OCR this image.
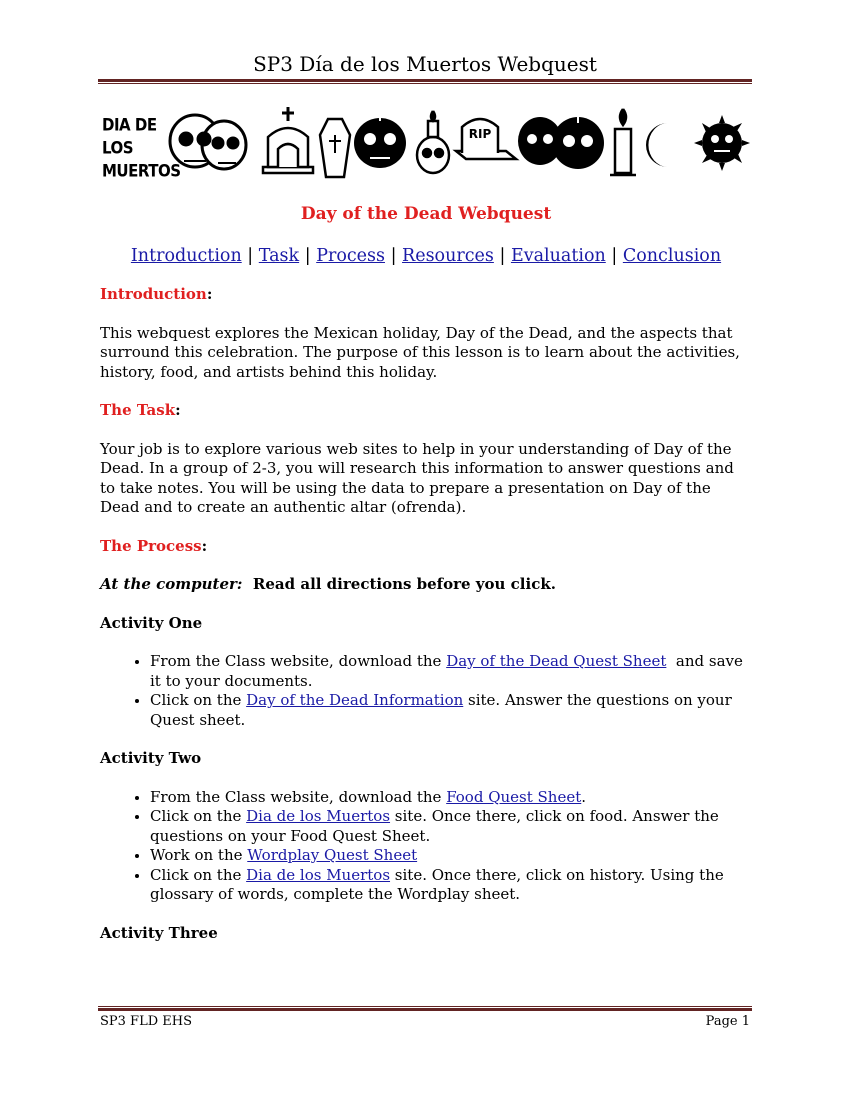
SP3 Día de los Muertos Webquest
DIA DE LOS
MUERTOS
RIP
Day of the Dead Webquest
Introduction | Task | Process | Resources | Evaluation | Conclusion
Introduction:

This webquest explores the Mexican holiday, Day of the Dead, and the aspects that surround this celebration. The purpose of this lesson is to learn about the activities, history, food, and artists behind this holiday.

The Task:

Your job is to explore various web sites to help in your understanding of Day of the Dead. In a group of 2-3, you will research this information to answer questions and to take notes. You will be using the data to prepare a presentation on Day of the Dead and to create an authentic altar (ofrenda).

The Process:
At the computer: Read all directions before you click.
Activity One
• From the Class website, download the Day of the Dead Quest Sheet  and save it to your documents.
• Click on the Day of the Dead Information site. Answer the questions on your Quest sheet.
Activity Two
• From the Class website, download the Food Quest Sheet.
• Click on the Dia de los Muertos site. Once there, click on food. Answer the questions on your Food Quest Sheet.
• Work on the Wordplay Quest Sheet
• Click on the Dia de los Muertos site. Once there, click on history. Using the glossary of words, complete the Wordplay sheet.
Activity Three
SP3 FLD EHS	Page 1
